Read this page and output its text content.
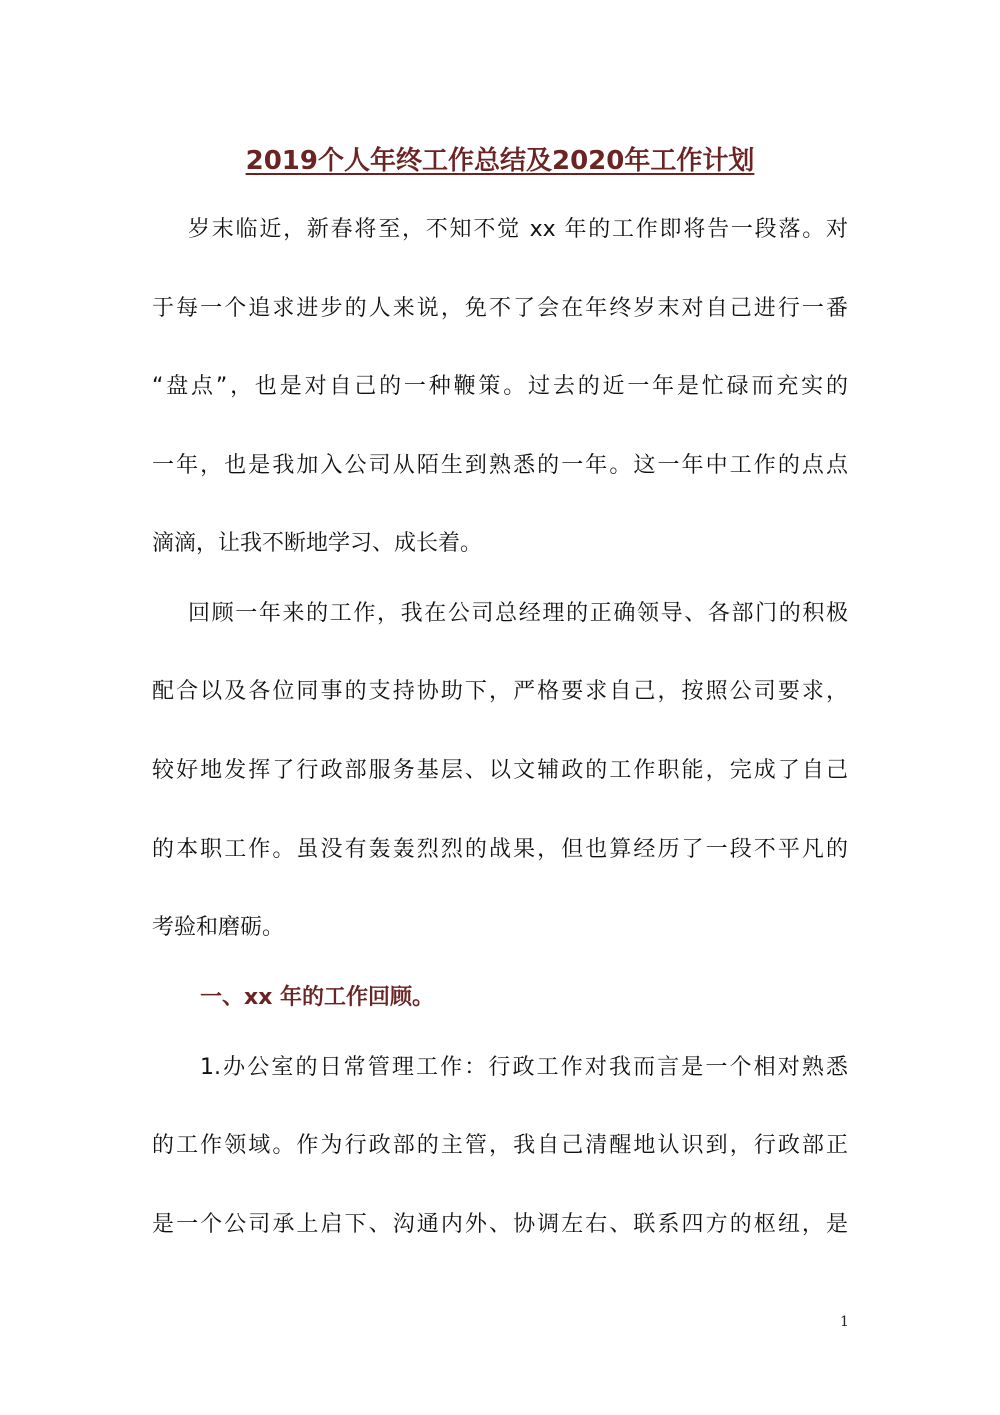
2019个人年终工作总结及2020年工作计划
岁末临近，新春将至，不知不觉 xx 年的工作即将告一段落。对
于每一个追求进步的人来说，免不了会在年终岁末对自己进行一番
“盘点”，也是对自己的一种鞭策。过去的近一年是忙碌而充实的
一年，也是我加入公司从陌生到熟悉的一年。这一年中工作的点点
滴滴，让我不断地学习、成长着。
回顾一年来的工作，我在公司总经理的正确领导、各部门的积极
配合以及各位同事的支持协助下，严格要求自己，按照公司要求，
较好地发挥了行政部服务基层、以文辅政的工作职能，完成了自己
的本职工作。虽没有轰轰烈烈的战果，但也算经历了一段不平凡的
考验和磨砺。
一、xx 年的工作回顾。
1.办公室的日常管理工作：行政工作对我而言是一个相对熟悉
的工作领域。作为行政部的主管，我自己清醒地认识到，行政部正
是一个公司承上启下、沟通内外、协调左右、联系四方的枢纽，是
1
